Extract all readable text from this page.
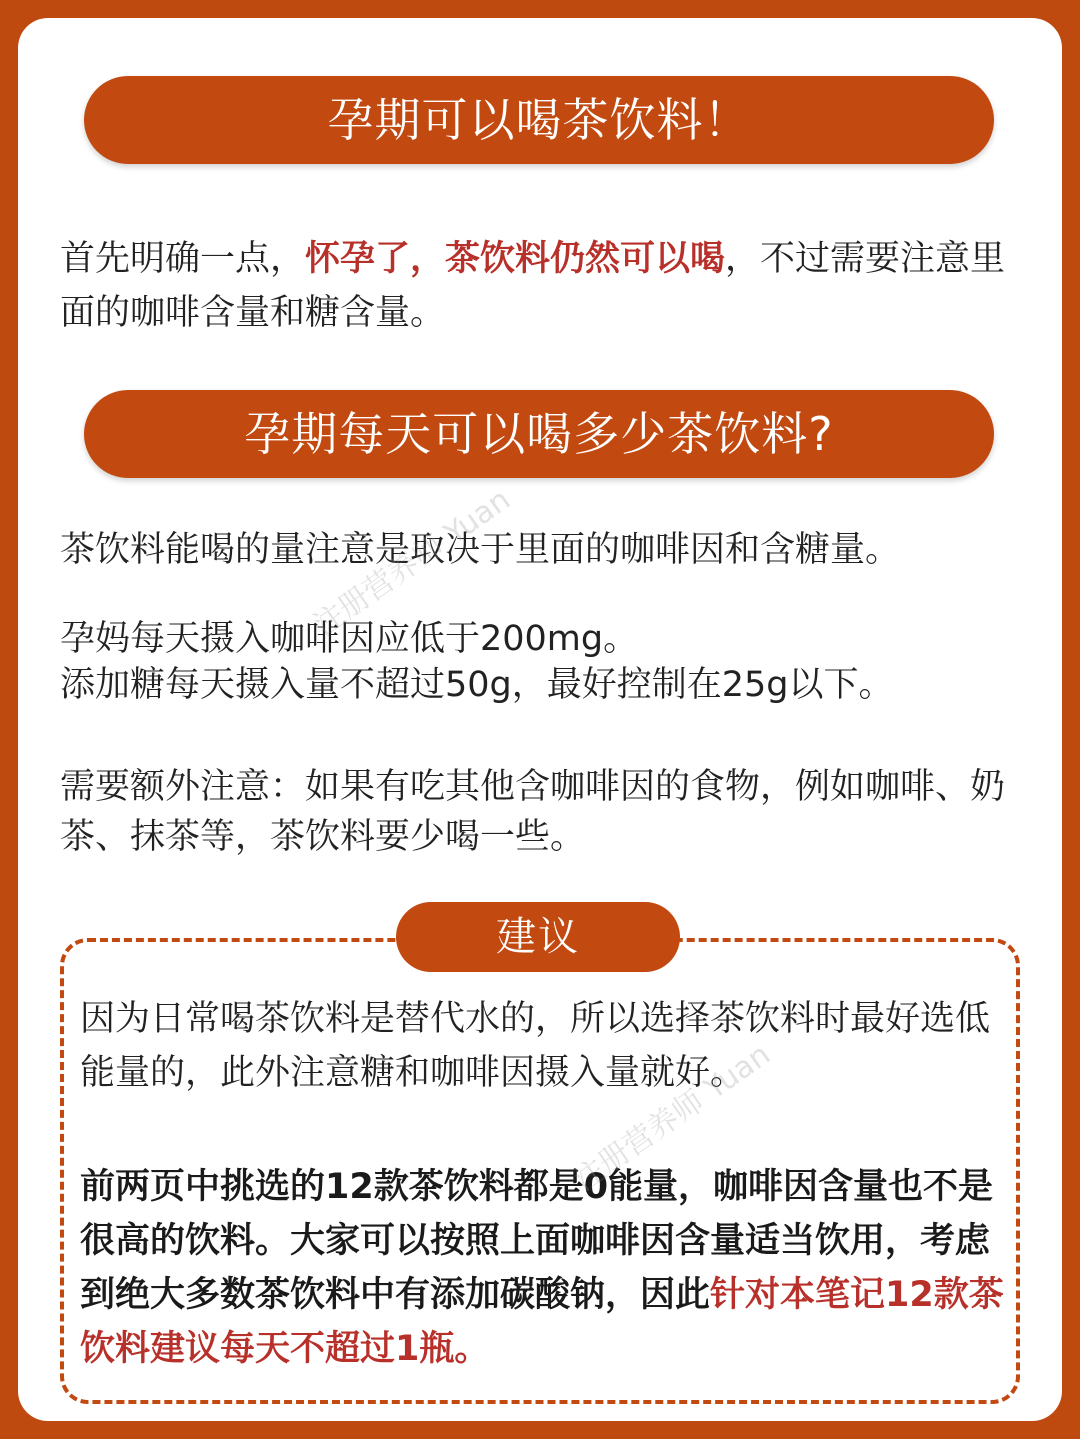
孕期可以喝茶饮料！

首先明确一点，怀孕了，茶饮料仍然可以喝，不过需要注意里面的咖啡含量和糖含量。

孕期每天可以喝多少茶饮料?

茶饮料能喝的量注意是取决于里面的咖啡因和含糖量。

孕妈每天摄入咖啡因应低于200mg。
添加糖每天摄入量不超过50g，最好控制在25g以下。

需要额外注意：如果有吃其他含咖啡因的食物，例如咖啡、奶茶、抹茶等，茶饮料要少喝一些。

建议

因为日常喝茶饮料是替代水的，所以选择茶饮料时最好选低能量的，此外注意糖和咖啡因摄入量就好。

前两页中挑选的12款茶饮料都是0能量，咖啡因含量也不是很高的饮料。大家可以按照上面咖啡因含量适当饮用，考虑到绝大多数茶饮料中有添加碳酸钠，因此针对本笔记12款茶饮料建议每天不超过1瓶。

注册营养师 Yuan
注册营养师 Yuan
